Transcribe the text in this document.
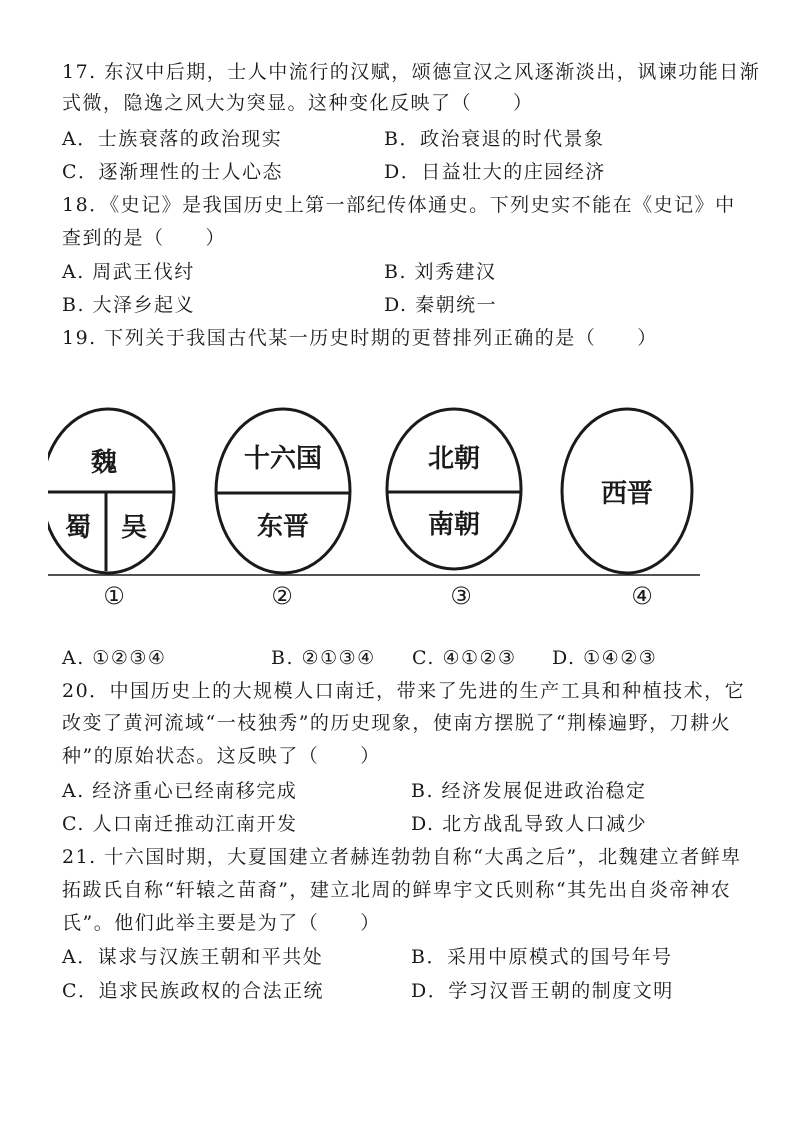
17. 东汉中后期，士人中流行的汉赋，颂德宣汉之风逐渐淡出，讽谏功能日渐
式微，隐逸之风大为突显。这种变化反映了（　　）
A．士族衰落的政治现实	B．政治衰退的时代景象
C．逐渐理性的士人心态	D．日益壮大的庄园经济
18．《史记》是我国历史上第一部纪传体通史。下列史实不能在《史记》中
查到的是（　　）
A. 周武王伐纣	B. 刘秀建汉
B. 大泽乡起义	D. 秦朝统一
19. 下列关于我国古代某一历史时期的更替排列正确的是（　　）
魏
蜀 吴
十六国
东晋
北朝
南朝
西晋
①	②	③	④
A. ①②③④	B. ②①③④ C. ④①②③ D. ①④②③
20．中国历史上的大规模人口南迁，带来了先进的生产工具和种植技术，它
改变了黄河流域“一枝独秀”的历史现象，使南方摆脱了“荆榛遍野，刀耕火
种”的原始状态。这反映了（　　）
A. 经济重心已经南移完成	B. 经济发展促进政治稳定
C. 人口南迁推动江南开发	D. 北方战乱导致人口减少
21. 十六国时期，大夏国建立者赫连勃勃自称“大禹之后”，北魏建立者鲜卑
拓跋氏自称“轩辕之苗裔”，建立北周的鲜卑宇文氏则称“其先出自炎帝神农
氏”。他们此举主要是为了（　　）
A．谋求与汉族王朝和平共处	B．采用中原模式的国号年号
C．追求民族政权的合法正统	D．学习汉晋王朝的制度文明
